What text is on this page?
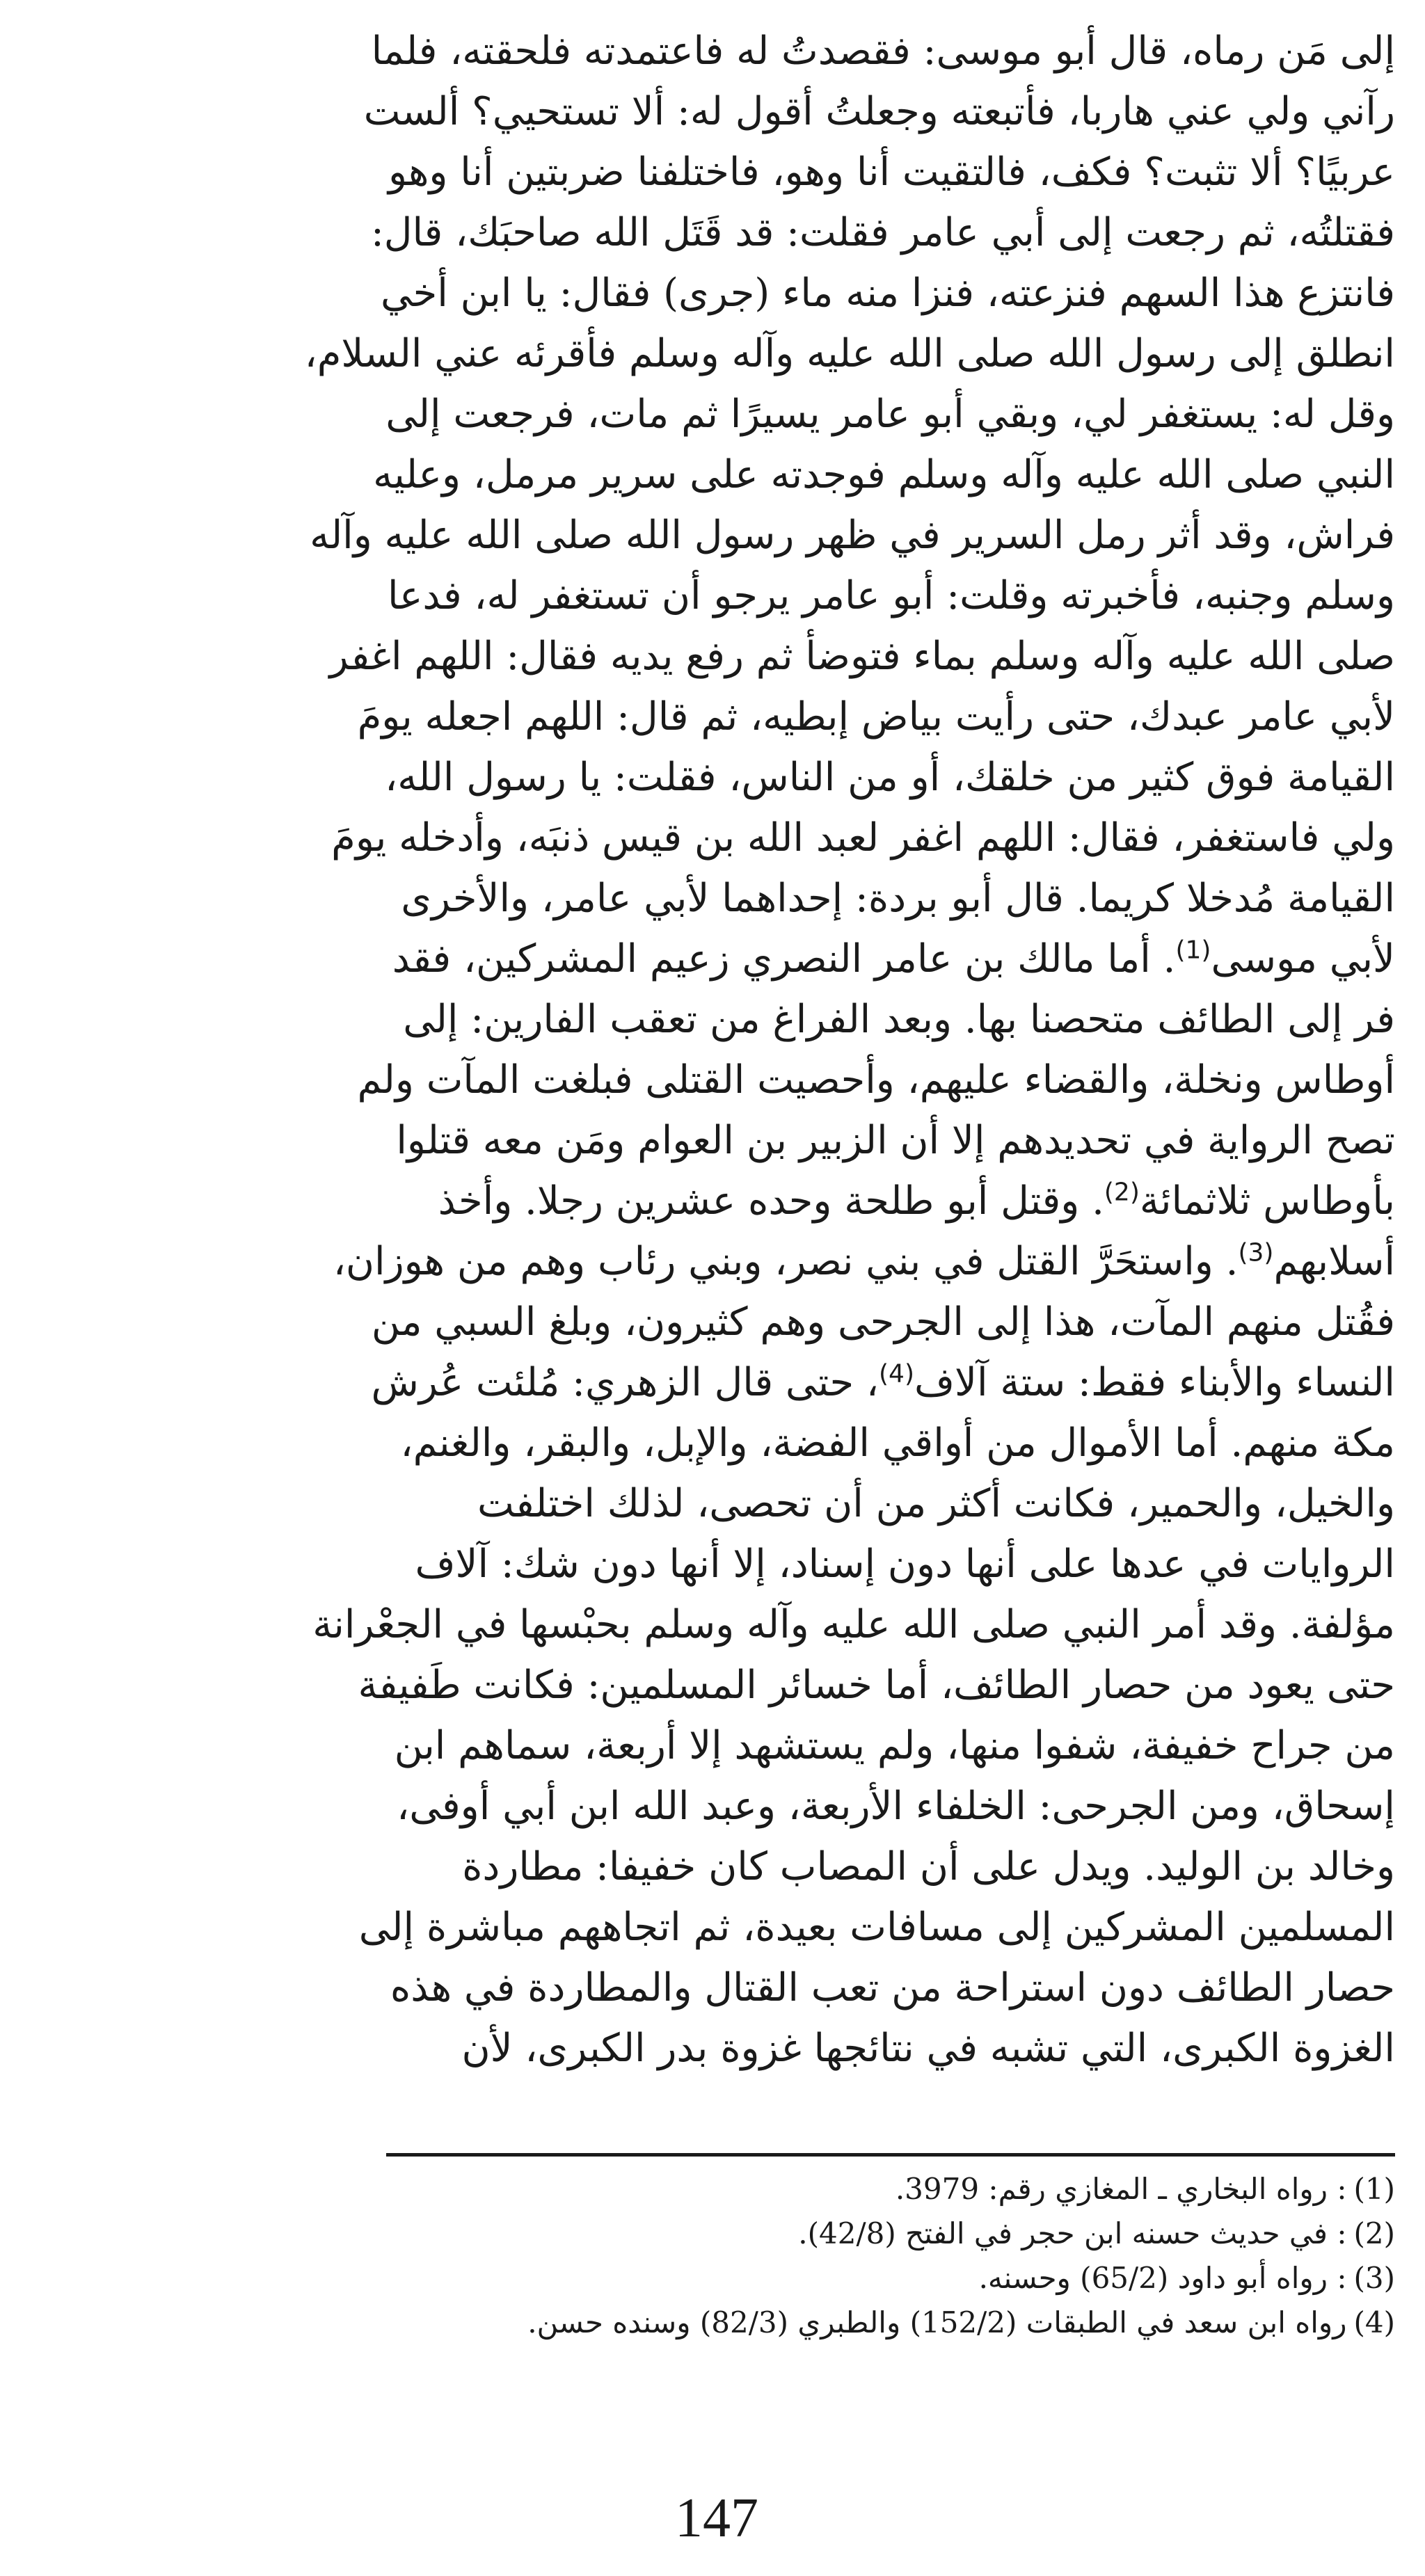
إلى مَن رماه، قال أبو موسى: فقصدتُ له فاعتمدته فلحقته، فلما

رآني ولي عني هاربا، فأتبعته وجعلتُ أقول له: ألا تستحيي؟ ألست

عربيًا؟ ألا تثبت؟ فكف، فالتقيت أنا وهو، فاختلفنا ضربتين أنا وهو

فقتلتُه، ثم رجعت إلى أبي عامر فقلت: قد قَتَل الله صاحبَك، قال:

فانتزع هذا السهم فنزعته، فنزا منه ماء (جرى) فقال: يا ابن أخي

انطلق إلى رسول الله صلى الله عليه وآله وسلم فأقرئه عني السلام،

وقل له: يستغفر لي، وبقي أبو عامر يسيرًا ثم مات، فرجعت إلى

النبي صلى الله عليه وآله وسلم فوجدته على سرير مرمل، وعليه

فراش، وقد أثر رمل السرير في ظهر رسول الله صلى الله عليه وآله

وسلم وجنبه، فأخبرته وقلت: أبو عامر يرجو أن تستغفر له، فدعا

صلى الله عليه وآله وسلم بماء فتوضأ ثم رفع يديه فقال: اللهم اغفر

لأبي عامر عبدك، حتى رأيت بياض إبطيه، ثم قال: اللهم اجعله يومَ

القيامة فوق كثير من خلقك، أو من الناس، فقلت: يا رسول الله،

ولي فاستغفر، فقال: اللهم اغفر لعبد الله بن قيس ذنبَه، وأدخله يومَ

القيامة مُدخلا كريما. قال أبو بردة: إحداهما لأبي عامر، والأخرى

لأبي موسى$^{(1)}$. أما مالك بن عامر النصري زعيم المشركين، فقد

فر إلى الطائف متحصنا بها. وبعد الفراغ من تعقب الفارين: إلى

أوطاس ونخلة، والقضاء عليهم، وأحصيت القتلى فبلغت المآت ولم

تصح الرواية في تحديدهم إلا أن الزبير بن العوام ومَن معه قتلوا

بأوطاس ثلاثمائة$^{(2)}$. وقتل أبو طلحة وحده عشرين رجلا. وأخذ

أسلابهم$^{(3)}$. واستحَرَّ القتل في بني نصر، وبني رئاب وهم من هوزان،

فقُتل منهم المآت، هذا إلى الجرحى وهم كثيرون، وبلغ السبي من

النساء والأبناء فقط: ستة آلاف$^{(4)}$، حتى قال الزهري: مُلئت عُرش

مكة منهم. أما الأموال من أواقي الفضة، والإبل، والبقر، والغنم،

والخيل، والحمير، فكانت أكثر من أن تحصى، لذلك اختلفت

الروايات في عدها على أنها دون إسناد، إلا أنها دون شك: آلاف

مؤلفة. وقد أمر النبي صلى الله عليه وآله وسلم بحبْسها في الجعْرانة

حتى يعود من حصار الطائف، أما خسائر المسلمين: فكانت طَفيفة

من جراح خفيفة، شفوا منها، ولم يستشهد إلا أربعة، سماهم ابن

إسحاق، ومن الجرحى: الخلفاء الأربعة، وعبد الله ابن أبي أوفى،

وخالد بن الوليد. ويدل على أن المصاب كان خفيفا: مطاردة

المسلمين المشركين إلى مسافات بعيدة، ثم اتجاههم مباشرة إلى

حصار الطائف دون استراحة من تعب القتال والمطاردة في هذه

الغزوة الكبرى، التي تشبه في نتائجها غزوة بدر الكبرى، لأن

(1)
: رواه البخاري ـ المغازي رقم: 3979.
(2)
: في حديث حسنه ابن حجر في الفتح (42/8).
(3)
: رواه أبو داود (65/2) وحسنه.
(4)
رواه ابن سعد في الطبقات (152/2) والطبري (82/3) وسنده حسن.
147
